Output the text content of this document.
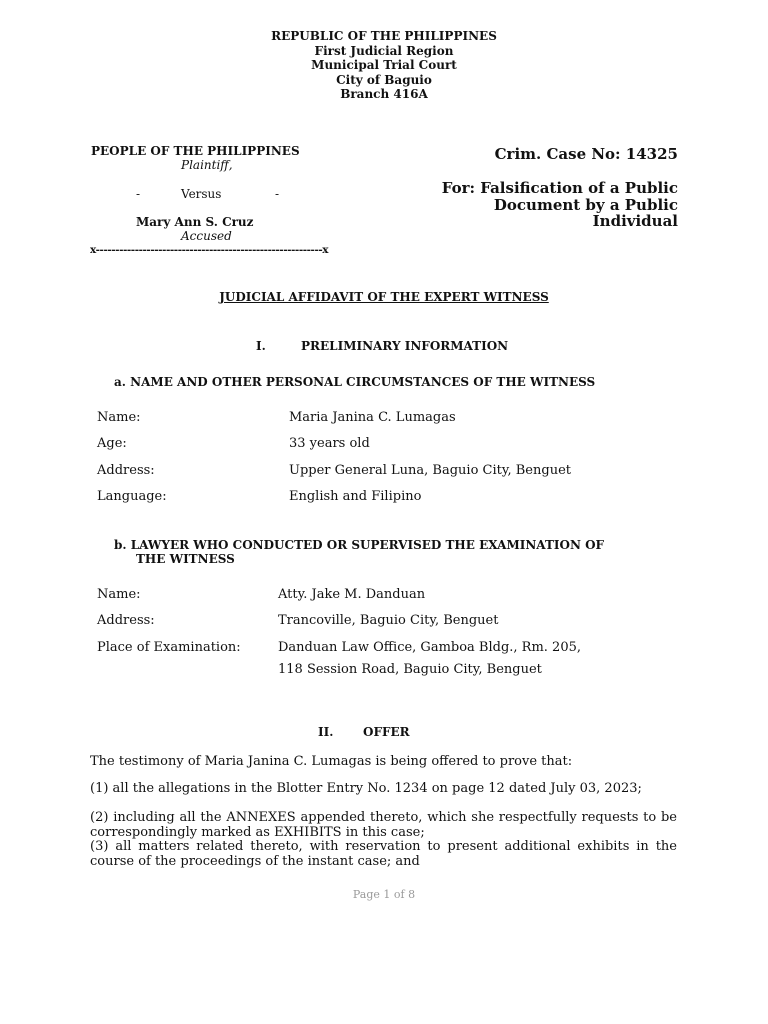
REPUBLIC OF THE PHILIPPINES
First Judicial Region
Municipal Trial Court
City of Baguio
Branch 416A
PEOPLE OF THE PHILIPPINES
Plaintiff,
-	Versus	-
Mary Ann S. Cruz
Accused
x----------------------------------------------------------x
Crim. Case No: 14325
For: Falsification of a Public
Document by a Public
Individual
JUDICIAL AFFIDAVIT OF THE EXPERT WITNESS
I.	PRELIMINARY INFORMATION
a. NAME AND OTHER PERSONAL CIRCUMSTANCES OF THE WITNESS
Name:	Maria Janina C. Lumagas
Age:	33 years old
Address:	Upper General Luna, Baguio City, Benguet
Language:	English and Filipino
b. LAWYER WHO CONDUCTED OR SUPERVISED THE EXAMINATION OF
THE WITNESS
Name:	Atty. Jake M. Danduan
Address:	Trancoville, Baguio City, Benguet
Place of Examination:	Danduan Law Office, Gamboa Bldg., Rm. 205,
118 Session Road, Baguio City, Benguet
II. OFFER
The testimony of Maria Janina C. Lumagas is being offered to prove that:
(1) all the allegations in the Blotter Entry No. 1234 on page 12 dated July 03, 2023;
(2) including all the ANNEXES appended thereto, which she respectfully requests to be correspondingly marked as EXHIBITS in this case;
(3) all matters related thereto, with reservation to present additional exhibits in the course of the proceedings of the instant case; and
Page 1 of 8
